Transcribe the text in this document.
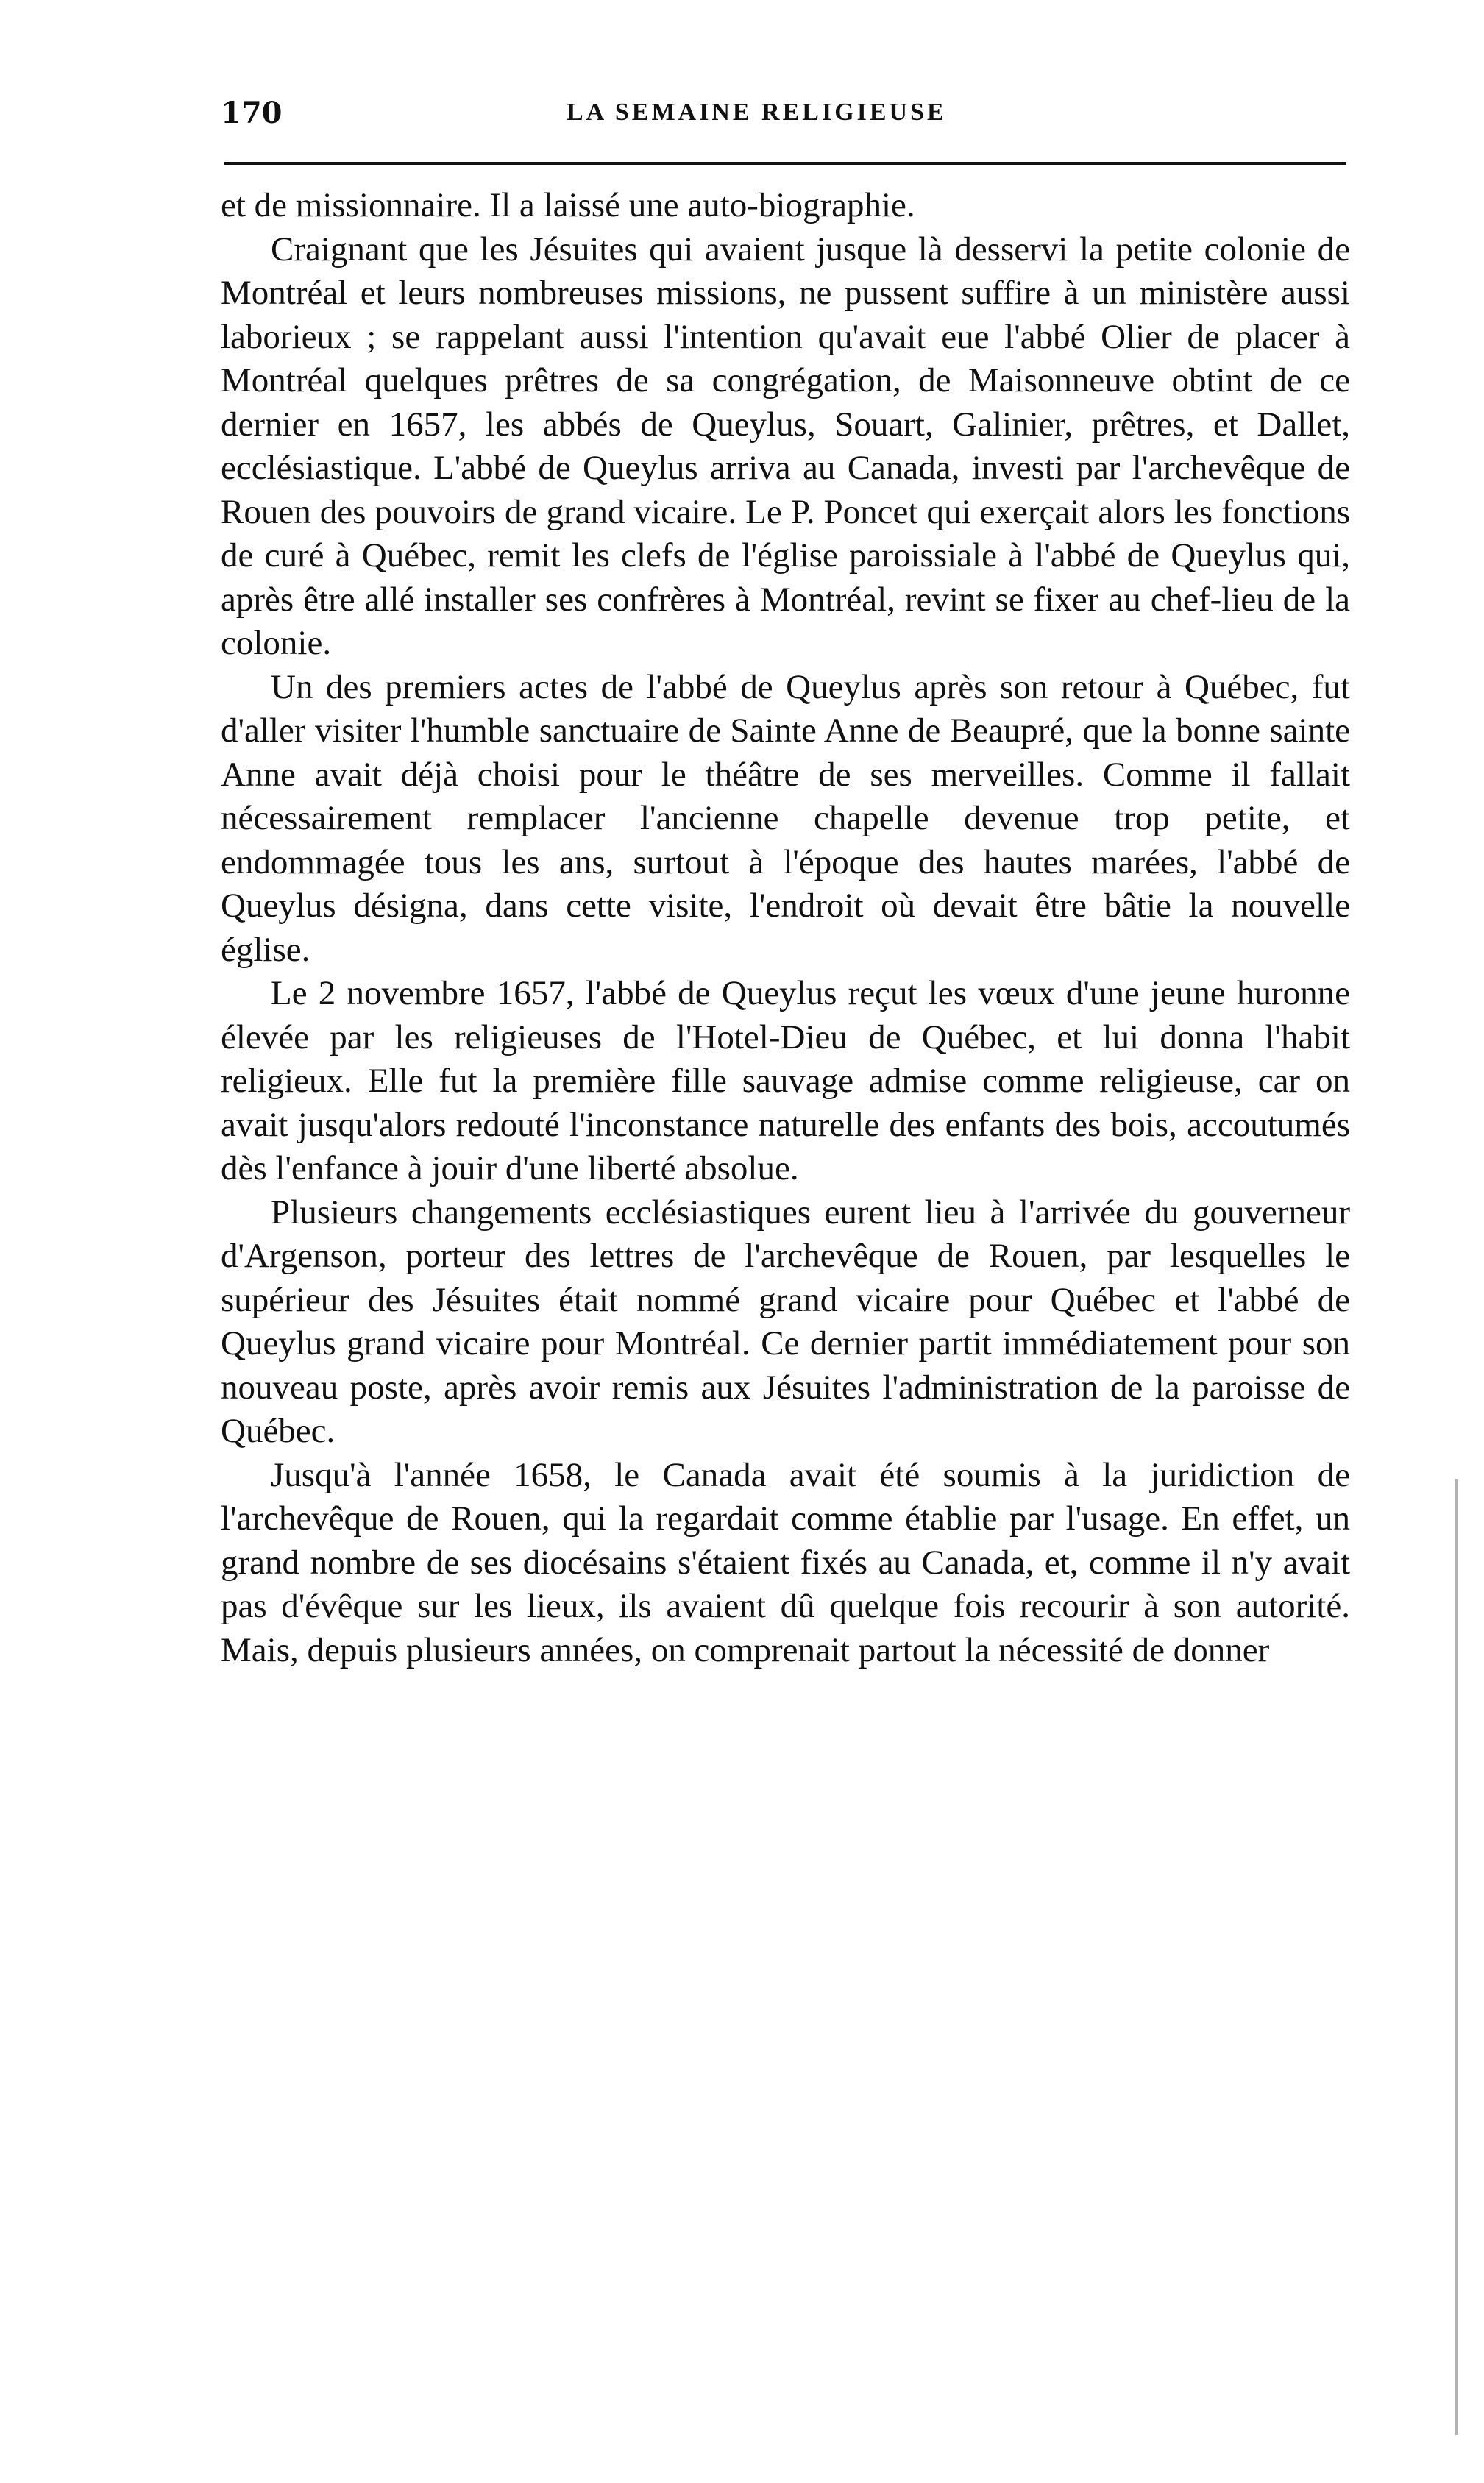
170	LA SEMAINE RELIGIEUSE

et de missionnaire. Il a laissé une auto-biographie.

Craignant que les Jésuites qui avaient jusque là desservi la petite colonie de Montréal et leurs nombreuses missions, ne pussent suffire à un ministère aussi laborieux ; se rappelant aussi l'intention qu'avait eue l'abbé Olier de placer à Montréal quelques prêtres de sa congrégation, de Maisonneuve obtint de ce dernier en 1657, les abbés de Queylus, Souart, Galinier, prêtres, et Dallet, ecclésiastique. L'abbé de Queylus arriva au Canada, investi par l'archevêque de Rouen des pouvoirs de grand vicaire. Le P. Poncet qui exerçait alors les fonctions de curé à Québec, remit les clefs de l'église paroissiale à l'abbé de Queylus qui, après être allé installer ses confrères à Montréal, revint se fixer au chef-lieu de la colonie.

Un des premiers actes de l'abbé de Queylus après son retour à Québec, fut d'aller visiter l'humble sanctuaire de Sainte Anne de Beaupré, que la bonne sainte Anne avait déjà choisi pour le théâtre de ses merveilles. Comme il fallait nécessairement remplacer l'ancienne chapelle devenue trop petite, et endommagée tous les ans, surtout à l'époque des hautes marées, l'abbé de Queylus désigna, dans cette visite, l'endroit où devait être bâtie la nouvelle église.

Le 2 novembre 1657, l'abbé de Queylus reçut les vœux d'une jeune huronne élevée par les religieuses de l'Hotel-Dieu de Québec, et lui donna l'habit religieux. Elle fut la première fille sauvage admise comme religieuse, car on avait jusqu'alors redouté l'inconstance naturelle des enfants des bois, accoutumés dès l'enfance à jouir d'une liberté absolue.

Plusieurs changements ecclésiastiques eurent lieu à l'arrivée du gouverneur d'Argenson, porteur des lettres de l'archevêque de Rouen, par lesquelles le supérieur des Jésuites était nommé grand vicaire pour Québec et l'abbé de Queylus grand vicaire pour Montréal. Ce dernier partit immédiatement pour son nouveau poste, après avoir remis aux Jésuites l'administration de la paroisse de Québec.

Jusqu'à l'année 1658, le Canada avait été soumis à la juridiction de l'archevêque de Rouen, qui la regardait comme établie par l'usage. En effet, un grand nombre de ses diocésains s'étaient fixés au Canada, et, comme il n'y avait pas d'évêque sur les lieux, ils avaient dû quelque fois recourir à son autorité. Mais, depuis plusieurs années, on comprenait partout la nécessité de donner
